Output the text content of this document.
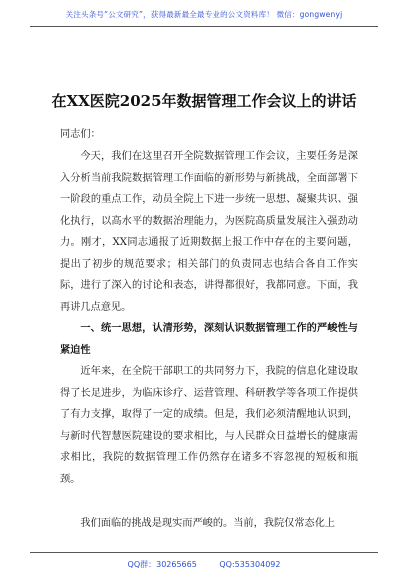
关注头条号“公文研究”，获得最新最全最专业的公文资料库！ 微信：gongwenyj
在XX医院2025年数据管理工作会议上的讲话
同志们：
今天，我们在这里召开全院数据管理工作会议，主要任务是深入分析当前我院数据管理工作面临的新形势与新挑战，全面部署下一阶段的重点工作，动员全院上下进一步统一思想、凝聚共识、强化执行，以高水平的数据治理能力，为医院高质量发展注入强劲动力。刚才，XX同志通报了近期数据上报工作中存在的主要问题，提出了初步的规范要求；相关部门的负责同志也结合各自工作实际，进行了深入的讨论和表态，讲得都很好，我都同意。下面，我再讲几点意见。
一、统一思想，认清形势，深刻认识数据管理工作的严峻性与紧迫性
近年来，在全院干部职工的共同努力下，我院的信息化建设取得了长足进步，为临床诊疗、运营管理、科研教学等各项工作提供了有力支撑，取得了一定的成绩。但是，我们必须清醒地认识到，与新时代智慧医院建设的要求相比，与人民群众日益增长的健康需求相比，我院的数据管理工作仍然存在诸多不容忽视的短板和瓶颈。
我们面临的挑战是现实而严峻的。当前，我院仅常态化上
QQ群：30265665	QQ:535304092
